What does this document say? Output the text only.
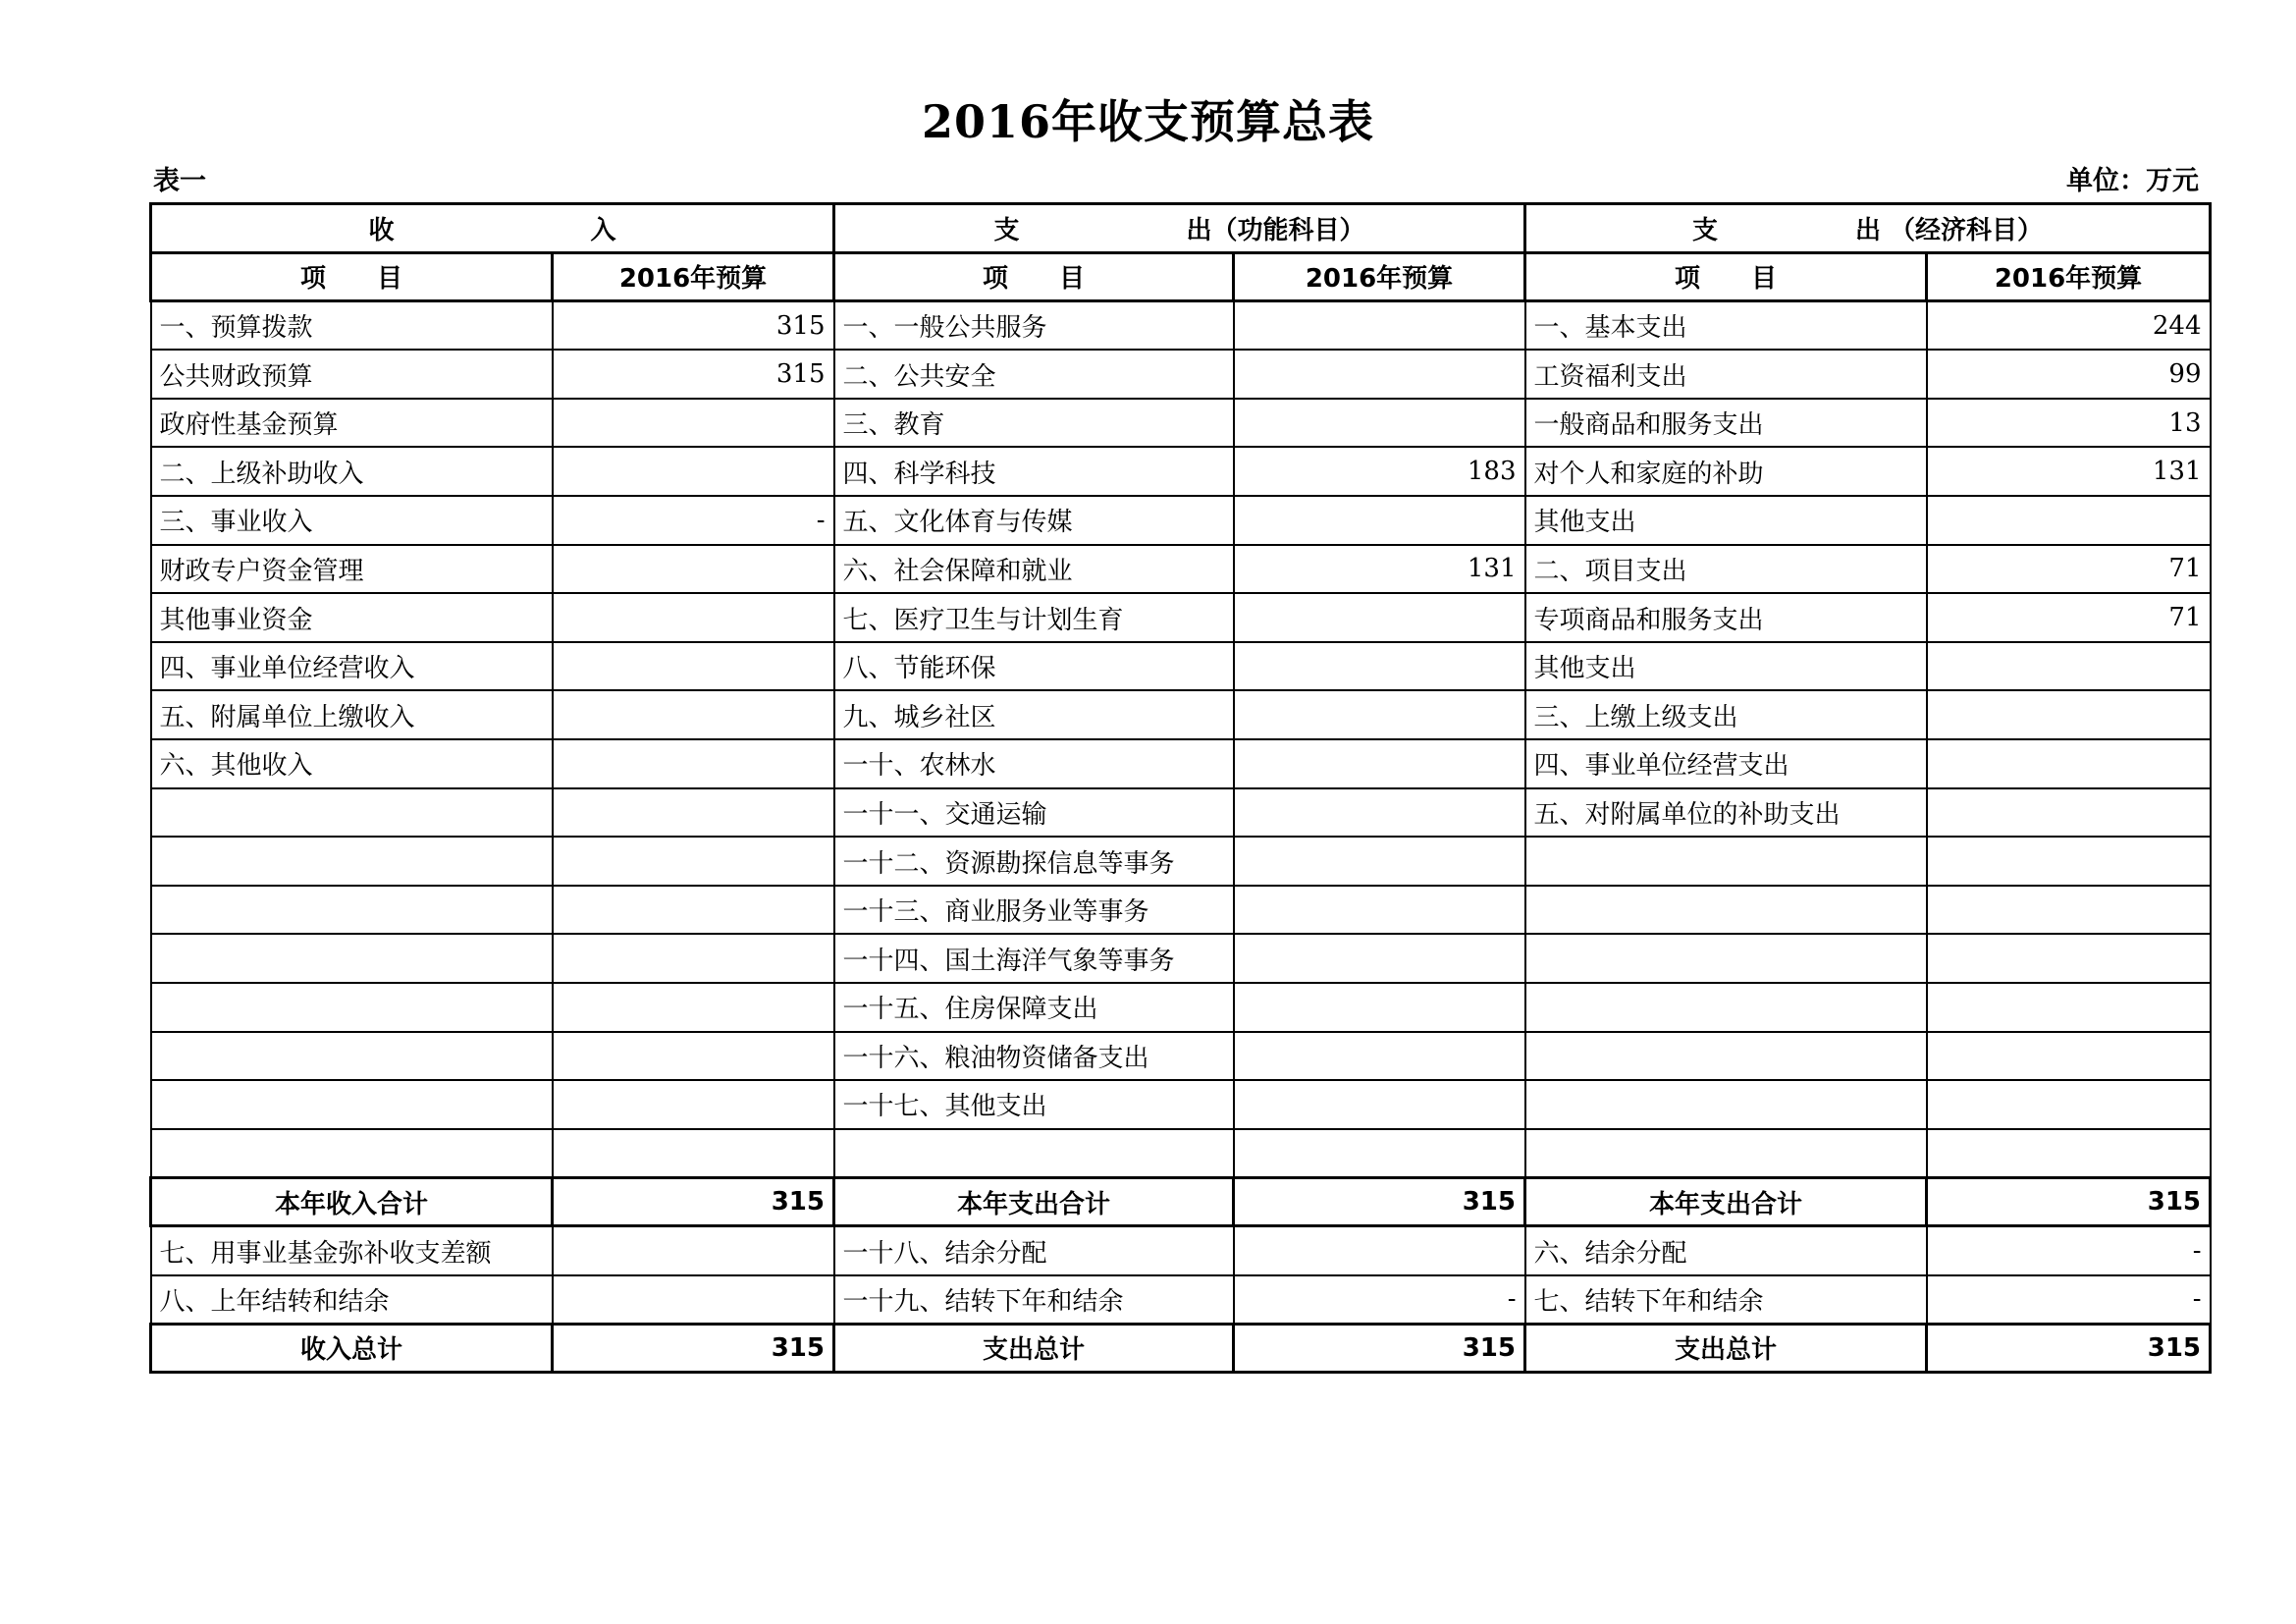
2016年收支预算总表
表一	单位：万元
收 入		支 出（功能科目）		支 出 （经济科目）	
项　　目	2016年预算	项　　目	2016年预算	项　　目	2016年预算
一、预算拨款	315	一、一般公共服务		一、基本支出	244
公共财政预算	315	二、公共安全		工资福利支出	99
政府性基金预算		三、教育		一般商品和服务支出	13
二、上级补助收入		四、科学科技	183	对个人和家庭的补助	131
三、事业收入	-	五、文化体育与传媒		其他支出	
财政专户资金管理		六、社会保障和就业	131	二、项目支出	71
其他事业资金		七、医疗卫生与计划生育		专项商品和服务支出	71
四、事业单位经营收入		八、节能环保		其他支出	
五、附属单位上缴收入		九、城乡社区		三、上缴上级支出	
六、其他收入		一十、农林水		四、事业单位经营支出	
		一十一、交通运输		五、对附属单位的补助支出	
		一十二、资源勘探信息等事务			
		一十三、商业服务业等事务			
		一十四、国土海洋气象等事务			
		一十五、住房保障支出			
		一十六、粮油物资储备支出			
		一十七、其他支出			

本年收入合计	315	本年支出合计	315	本年支出合计	315
七、用事业基金弥补收支差额		一十八、结余分配		六、结余分配	-
八、上年结转和结余		一十九、结转下年和结余	-	七、结转下年和结余	-
收入总计	315	支出总计	315	支出总计	315
